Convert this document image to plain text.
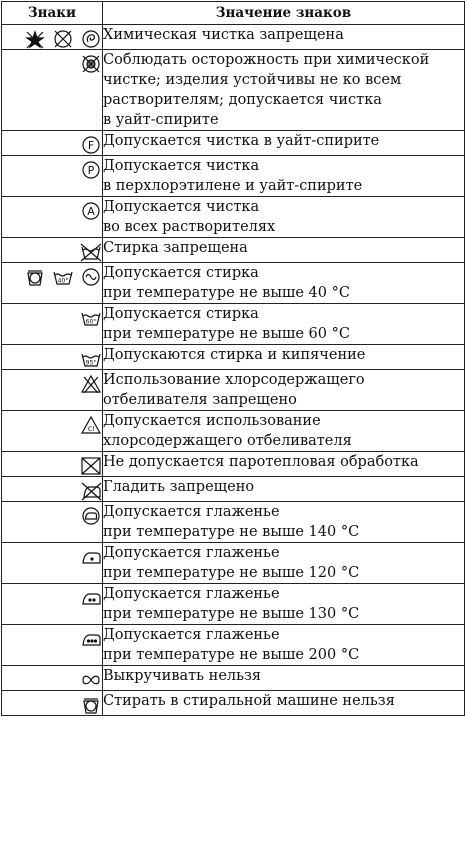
Знаки	Значение знаков

Химическая чистка запрещена

Соблюдать осторожность при химической
чистке; изделия устойчивы не ко всем
растворителям; допускается чистка
в уайт-спирите

F	Допускается чистка в уайт-спирите

P	Допускается чистка
в перхлорэтилене и уайт-спирите

A	Допускается чистка
во всех растворителях

Стирка запрещена

40°	Допускается стирка
при температуре не выше 40 °С

60°	Допускается стирка
при температуре не выше 60 °С

95°	Допускаются стирка и кипячение

Использование хлорсодержащего
отбеливателя запрещено

Cl	Допускается использование
хлорсодержащего отбеливателя

Не допускается паротепловая обработка

Гладить запрещено

Допускается глаженье
при температуре не выше 140 °С

Допускается глаженье
при температуре не выше 120 °С

Допускается глаженье
при температуре не выше 130 °С

Допускается глаженье
при температуре не выше 200 °С

Выкручивать нельзя

Стирать в стиральной машине нельзя
